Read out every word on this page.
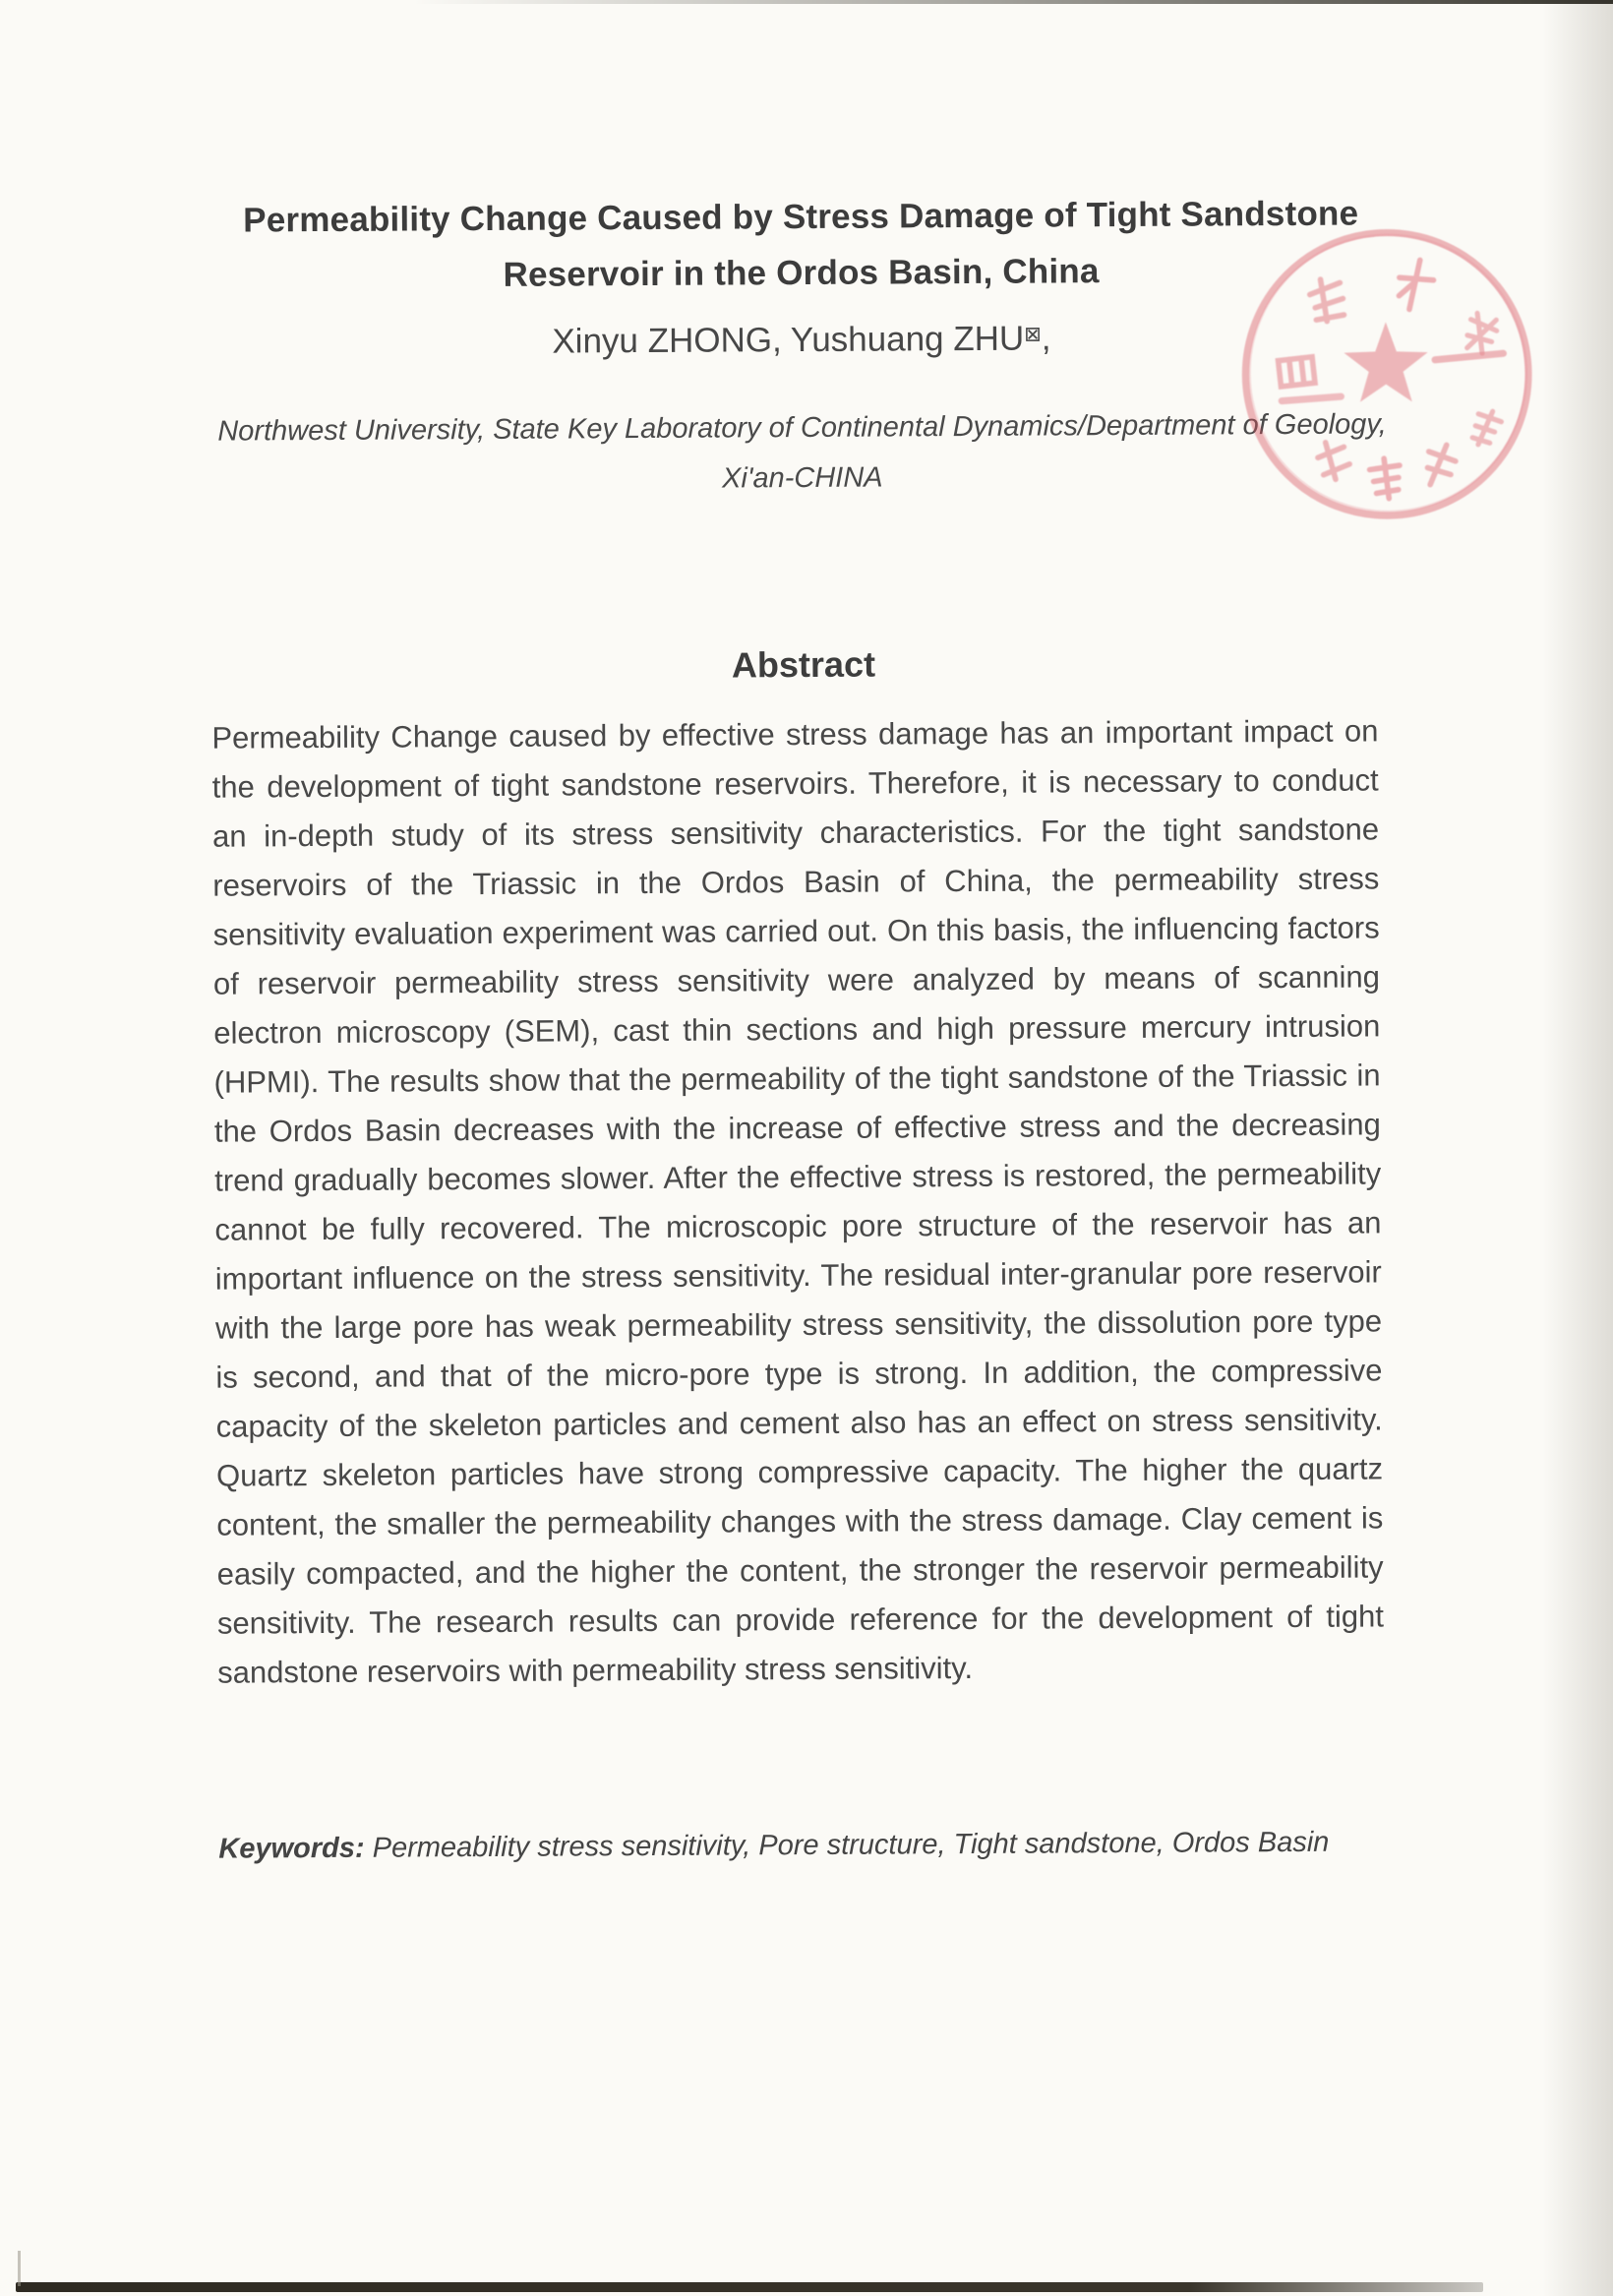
Permeability Change Caused by Stress Damage of Tight Sandstone
Reservoir in the Ordos Basin, China
Xinyu ZHONG, Yushuang ZHU⊠,
Northwest University, State Key Laboratory of Continental Dynamics/Department of Geology,
Xi'an-CHINA
Abstract

Permeability Change caused by effective stress damage has an important impact on the development of tight sandstone reservoirs. Therefore, it is necessary to conduct an in-depth study of its stress sensitivity characteristics. For the tight sandstone reservoirs of the Triassic in the Ordos Basin of China, the permeability stress sensitivity evaluation experiment was carried out. On this basis, the influencing factors of reservoir permeability stress sensitivity were analyzed by means of scanning electron microscopy (SEM), cast thin sections and high pressure mercury intrusion (HPMI). The results show that the permeability of the tight sandstone of the Triassic in the Ordos Basin decreases with the increase of effective stress and the decreasing trend gradually becomes slower. After the effective stress is restored, the permeability cannot be fully recovered. The microscopic pore structure of the reservoir has an important influence on the stress sensitivity. The residual inter-granular pore reservoir with the large pore has weak permeability stress sensitivity, the dissolution pore type is second, and that of the micro-pore type is strong. In addition, the compressive capacity of the skeleton particles and cement also has an effect on stress sensitivity. Quartz skeleton particles have strong compressive capacity. The higher the quartz content, the smaller the permeability changes with the stress damage. Clay cement is easily compacted, and the higher the content, the stronger the reservoir permeability sensitivity. The research results can provide reference for the development of tight sandstone reservoirs with permeability stress sensitivity.

Keywords: Permeability stress sensitivity, Pore structure, Tight sandstone, Ordos Basin
